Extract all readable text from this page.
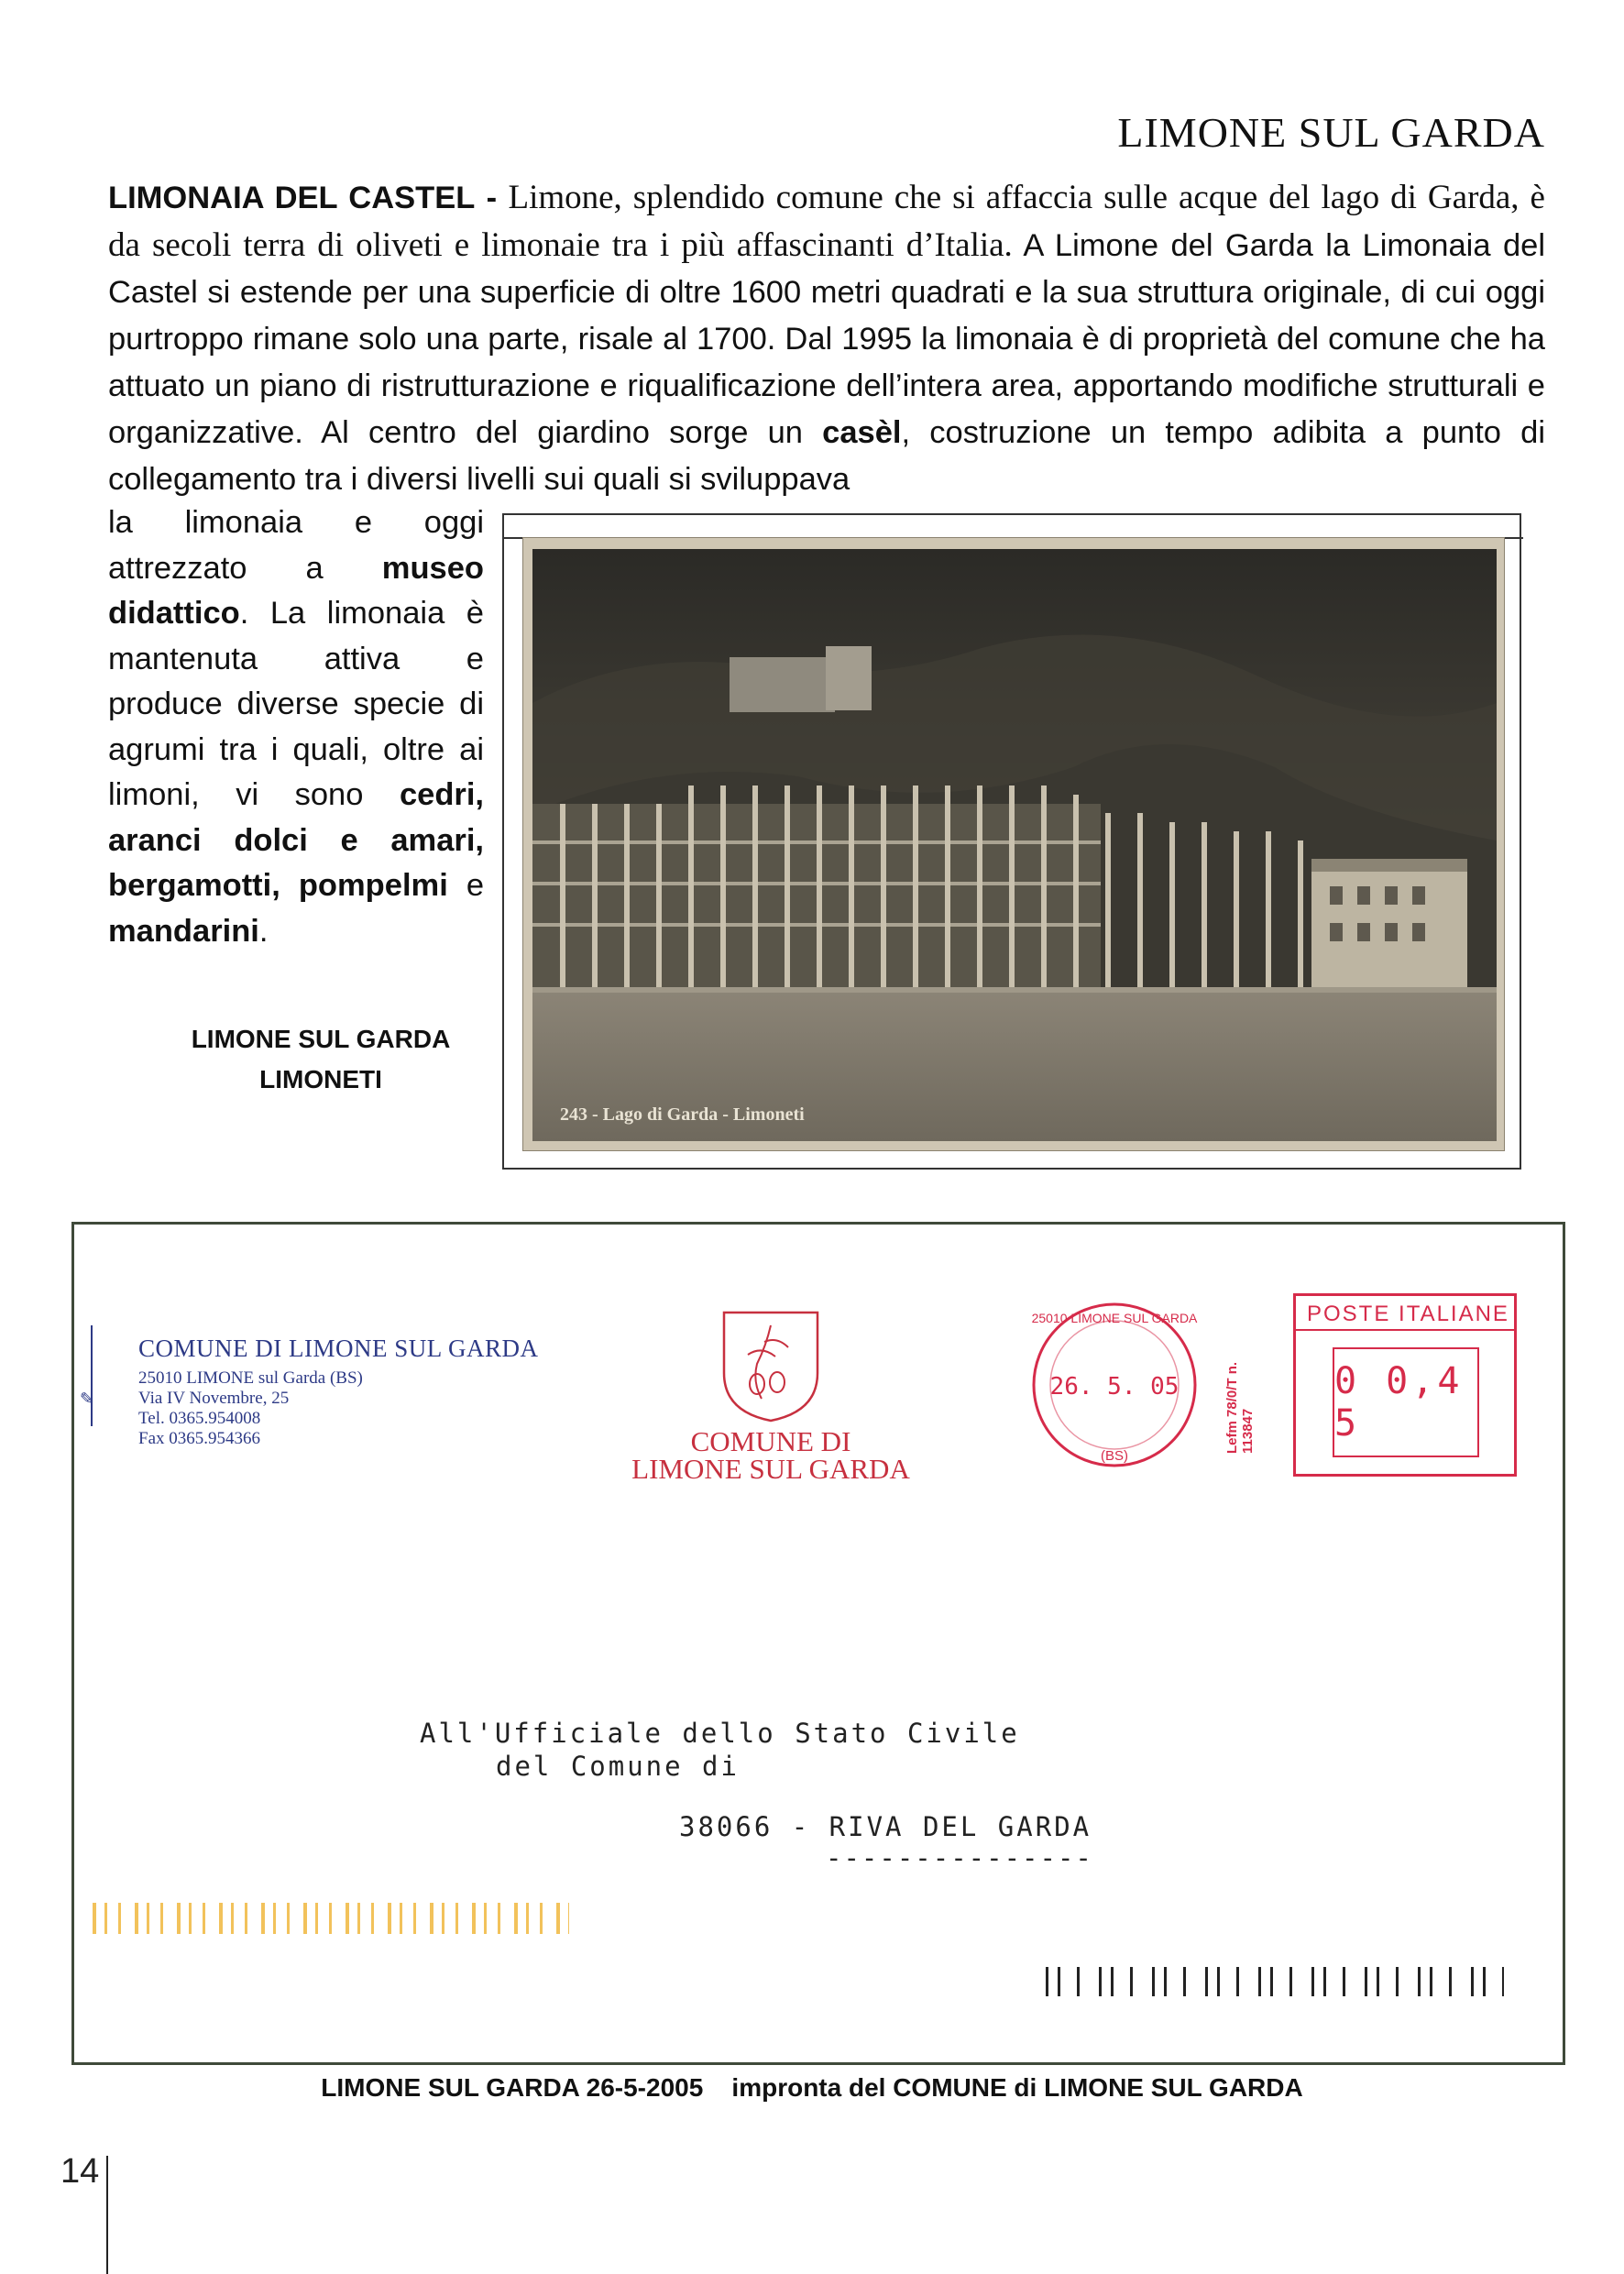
LIMONE SUL GARDA
LIMONAIA DEL CASTEL - Limone, splendido comune che si affaccia sulle acque del lago di Garda, è da secoli terra di oliveti e limonaie tra i più affascinanti d’Italia. A Limone del Garda la Limonaia del Castel si estende per una superficie di oltre 1600 metri quadrati e la sua struttura originale, di cui oggi purtroppo rimane solo una parte, risale al 1700. Dal 1995 la limonaia è di proprietà del comune che ha attuato un piano di ristrutturazione e riqualificazione dell’intera area, apportando modifiche strutturali e organizzative. Al centro del giardino sorge un casèl, costruzione un tempo adibita a punto di collegamento tra i diversi livelli sui quali si sviluppava
la limonaia e oggi attrezzato a museo didattico. La limonaia è mantenuta attiva e produce diverse specie di agrumi tra i quali, oltre ai limoni, vi sono cedri, aranci dolci e amari, bergamotti, pompelmi e mandarini.
LIMONE SUL GARDA
LIMONETI
243 - Lago di Garda - Limoneti
✎
COMUNE DI LIMONE SUL GARDA
25010 LIMONE sul Garda (BS)
Via IV Novembre, 25
Tel. 0365.954008
Fax 0365.954366	COMUNE DI
LIMONE SUL GARDA
26. 5. 05
25010 LIMONE SUL GARDA
(BS)
Lefm 78/0/T n. 113847
POSTE ITALIANE
0 0,4 5
All'Ufficiale dello Stato Civile
del Comune di
38066 - RIVA DEL GARDA
---------------
LIMONE SUL GARDA 26-5-2005 impronta del COMUNE di LIMONE SUL GARDA
14
